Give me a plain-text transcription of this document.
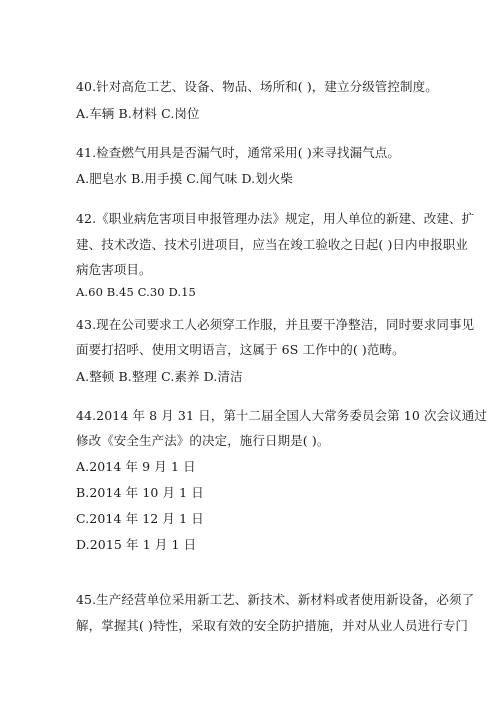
40.针对高危工艺、设备、物品、场所和( )，建立分级管控制度。
A.车辆 B.材料 C.岗位
41.检查燃气用具是否漏气时，通常采用( )来寻找漏气点。
A.肥皂水 B.用手摸 C.闻气味 D.划火柴
42.《职业病危害项目申报管理办法》规定，用人单位的新建、改建、扩
建、技术改造、技术引进项目，应当在竣工验收之日起( )日内申报职业
病危害项目。
A.60 B.45 C.30 D.15
43.现在公司要求工人必须穿工作服，并且要干净整洁，同时要求同事见
面要打招呼、使用文明语言，这属于 6S 工作中的( )范畴。
A.整顿 B.整理 C.素养 D.清洁
44.2014 年 8 月 31 日，第十二届全国人大常务委员会第 10 次会议通过
修改《安全生产法》的决定，施行日期是( )。
A.2014 年 9 月 1 日
B.2014 年 10 月 1 日
C.2014 年 12 月 1 日
D.2015 年 1 月 1 日
45.生产经营单位采用新工艺、新技术、新材料或者使用新设备，必须了
解，掌握其( )特性，采取有效的安全防护措施，并对从业人员进行专门
